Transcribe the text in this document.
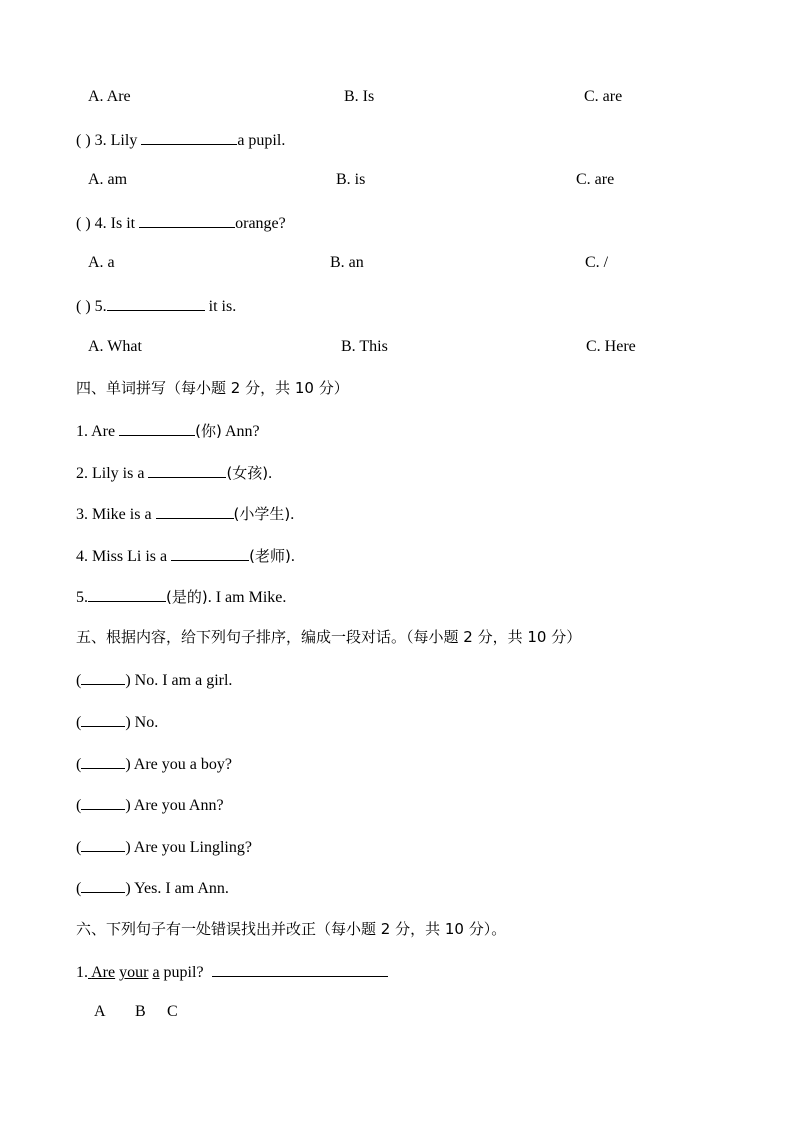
A. Are	B. Is	C. are
( ) 3. Lily	a pupil.
A. am	B. is	C. are
( ) 4. Is it	orange?
A. a	B. an	C. /
( ) 5.	it is.
A. What	B. This	C. Here
四、单词拼写（每小题 2 分，共 10 分）
1. Are	(你) Ann?
2. Lily is a	(女孩).
3. Mike is a	(小学生).
4. Miss Li is a	(老师).
5.	(是的). I am Mike.
五、根据内容，给下列句子排序，编成一段对话。（每小题 2 分，共 10 分）
(	) No. I am a girl.
(	) No.
(	) Are you a boy?
(	) Are you Ann?
(	) Are you Lingling?
(	) Yes. I am Ann.
六、下列句子有一处错误找出并改正（每小题 2 分，共 10 分）。
1. Are your a pupil?
A B C
